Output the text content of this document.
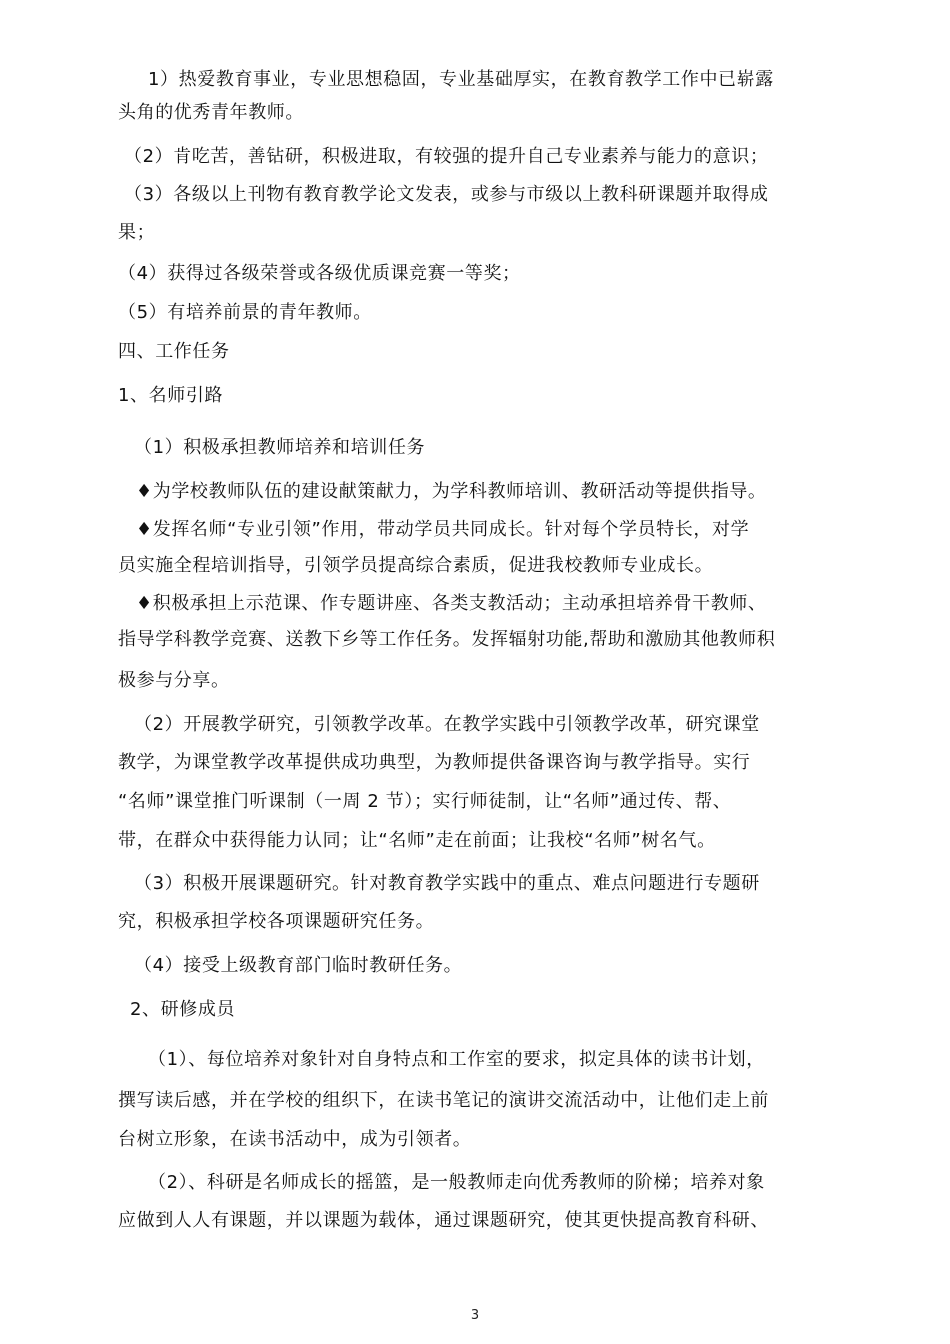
1）热爱教育事业，专业思想稳固，专业基础厚实，在教育教学工作中已崭露
头角的优秀青年教师。
（2）肯吃苦，善钻研，积极进取，有较强的提升自己专业素养与能力的意识；
（3）各级以上刊物有教育教学论文发表，或参与市级以上教科研课题并取得成
果；
（4）获得过各级荣誉或各级优质课竞赛一等奖；
（5）有培养前景的青年教师。
四、工作任务
1、名师引路
（1）积极承担教师培养和培训任务
♦为学校教师队伍的建设献策献力，为学科教师培训、教研活动等提供指导。
♦发挥名师“专业引领”作用，带动学员共同成长。针对每个学员特长，对学
员实施全程培训指导，引领学员提高综合素质，促进我校教师专业成长。
♦积极承担上示范课、作专题讲座、各类支教活动；主动承担培养骨干教师、
指导学科教学竞赛、送教下乡等工作任务。发挥辐射功能,帮助和激励其他教师积
极参与分享。
（2）开展教学研究，引领教学改革。在教学实践中引领教学改革，研究课堂
教学，为课堂教学改革提供成功典型，为教师提供备课咨询与教学指导。实行
“名师”课堂推门听课制（一周 2 节）；实行师徒制，让“名师”通过传、帮、
带，在群众中获得能力认同；让“名师”走在前面；让我校“名师”树名气。
（3）积极开展课题研究。针对教育教学实践中的重点、难点问题进行专题研
究，积极承担学校各项课题研究任务。
（4）接受上级教育部门临时教研任务。
2、研修成员
（1）、每位培养对象针对自身特点和工作室的要求，拟定具体的读书计划，
撰写读后感，并在学校的组织下，在读书笔记的演讲交流活动中，让他们走上前
台树立形象，在读书活动中，成为引领者。
（2）、科研是名师成长的摇篮，是一般教师走向优秀教师的阶梯；培养对象
应做到人人有课题，并以课题为载体，通过课题研究，使其更快提高教育科研、
3
